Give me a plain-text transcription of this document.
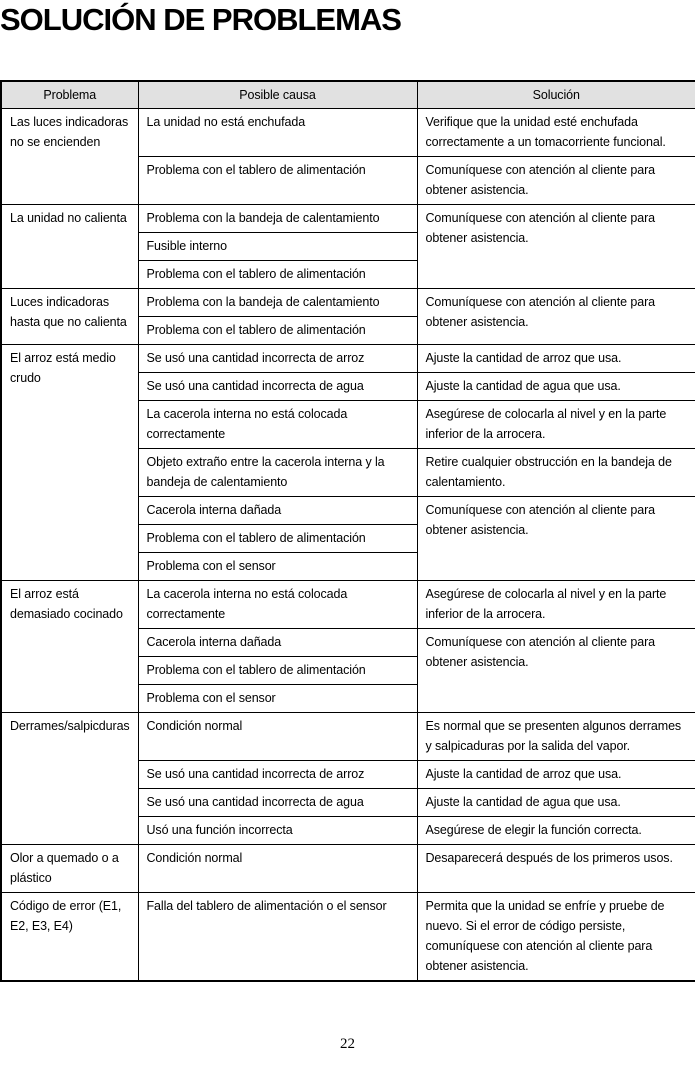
SOLUCIÓN DE PROBLEMAS
Problema	Posible causa	Solución
Las luces indicadoras no se encienden	La unidad no está enchufada	Verifique que la unidad esté enchufada correctamente a un tomacorriente funcional.
	Problema con el tablero de alimentación	Comuníquese con atención al cliente para obtener asistencia.
La unidad no calienta	Problema con la bandeja de calentamiento	Comuníquese con atención al cliente para obtener asistencia.
	Fusible interno	
	Problema con el tablero de alimentación	
Luces indicadoras hasta que no calienta	Problema con la bandeja de calentamiento	Comuníquese con atención al cliente para obtener asistencia.
	Problema con el tablero de alimentación	
El arroz está medio crudo	Se usó una cantidad incorrecta de arroz	Ajuste la cantidad de arroz que usa.
	Se usó una cantidad incorrecta de agua	Ajuste la cantidad de agua que usa.
	La cacerola interna no está colocada correctamente	Asegúrese de colocarla al nivel y en la parte inferior de la arrocera.
	Objeto extraño entre la cacerola interna y la bandeja de calentamiento	Retire cualquier obstrucción en la bandeja de calentamiento.
	Cacerola interna dañada	Comuníquese con atención al cliente para obtener asistencia.
	Problema con el tablero de alimentación	
	Problema con el sensor	
El arroz está demasiado cocinado	La cacerola interna no está colocada correctamente	Asegúrese de colocarla al nivel y en la parte inferior de la arrocera.
	Cacerola interna dañada	Comuníquese con atención al cliente para obtener asistencia.
	Problema con el tablero de alimentación	
	Problema con el sensor	
Derrames/salpicduras	Condición normal	Es normal que se presenten algunos derrames y salpicaduras por la salida del vapor.
	Se usó una cantidad incorrecta de arroz	Ajuste la cantidad de arroz que usa.
	Se usó una cantidad incorrecta de agua	Ajuste la cantidad de agua que usa.
	Usó una función incorrecta	Asegúrese de elegir la función correcta.
Olor a quemado o a plástico	Condición normal	Desaparecerá después de los primeros usos.
Código de error (E1, E2, E3, E4)	Falla del tablero de alimentación o el sensor	Permita que la unidad se enfríe y pruebe de nuevo. Si el error de código persiste, comuníquese con atención al cliente para obtener asistencia.
22
